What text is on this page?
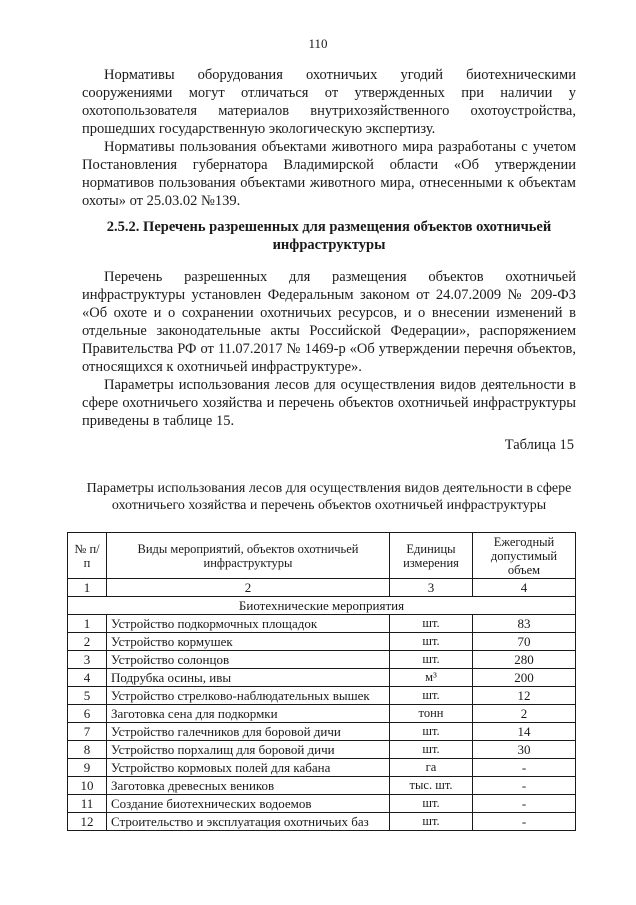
110

Нормативы оборудования охотничьих угодий биотехническими сооружениями могут отличаться от утвержденных при наличии у охотопользователя материалов внутрихозяйственного охотоустройства, прошедших государственную экологическую экспертизу.

Нормативы пользования объектами животного мира разработаны с учетом Постановления губернатора Владимирской области «Об утверждении нормативов пользования объектами животного мира, отнесенными к объектам охоты» от 25.03.02 №139.

2.5.2. Перечень разрешенных для размещения объектов охотничьей инфраструктуры

Перечень разрешенных для размещения объектов охотничьей инфраструктуры установлен Федеральным законом от 24.07.2009 № 209-ФЗ «Об охоте и о сохранении охотничьих ресурсов, и о внесении изменений в отдельные законодательные акты Российской Федерации», распоряжением Правительства РФ от 11.07.2017 № 1469-р «Об утверждении перечня объектов, относящихся к охотничьей инфраструктуре».

Параметры использования лесов для осуществления видов деятельности в сфере охотничьего хозяйства и перечень объектов охотничьей инфраструктуры приведены в таблице 15.

Таблица 15

Параметры использования лесов для осуществления видов деятельности в сфере охотничьего хозяйства и перечень объектов охотничьей инфраструктуры

№ п/п	Виды мероприятий, объектов охотничьей инфраструктуры	Единицы измерения	Ежегодный допустимый объем
1	2	3	4
Биотехнические мероприятия			
1	Устройство подкормочных площадок	шт.	83
2	Устройство кормушек	шт.	70
3	Устройство солонцов	шт.	280
4	Подрубка осины, ивы	м³	200
5	Устройство стрелково-наблюдательных вышек	шт.	12
6	Заготовка сена для подкормки	тонн	2
7	Устройство галечников для боровой дичи	шт.	14
8	Устройство порхалищ для боровой дичи	шт.	30
9	Устройство кормовых полей для кабана	га	-
10	Заготовка древесных веников	тыс. шт.	-
11	Создание биотехнических водоемов	шт.	-
12	Строительство и эксплуатация охотничьих баз	шт.	-
